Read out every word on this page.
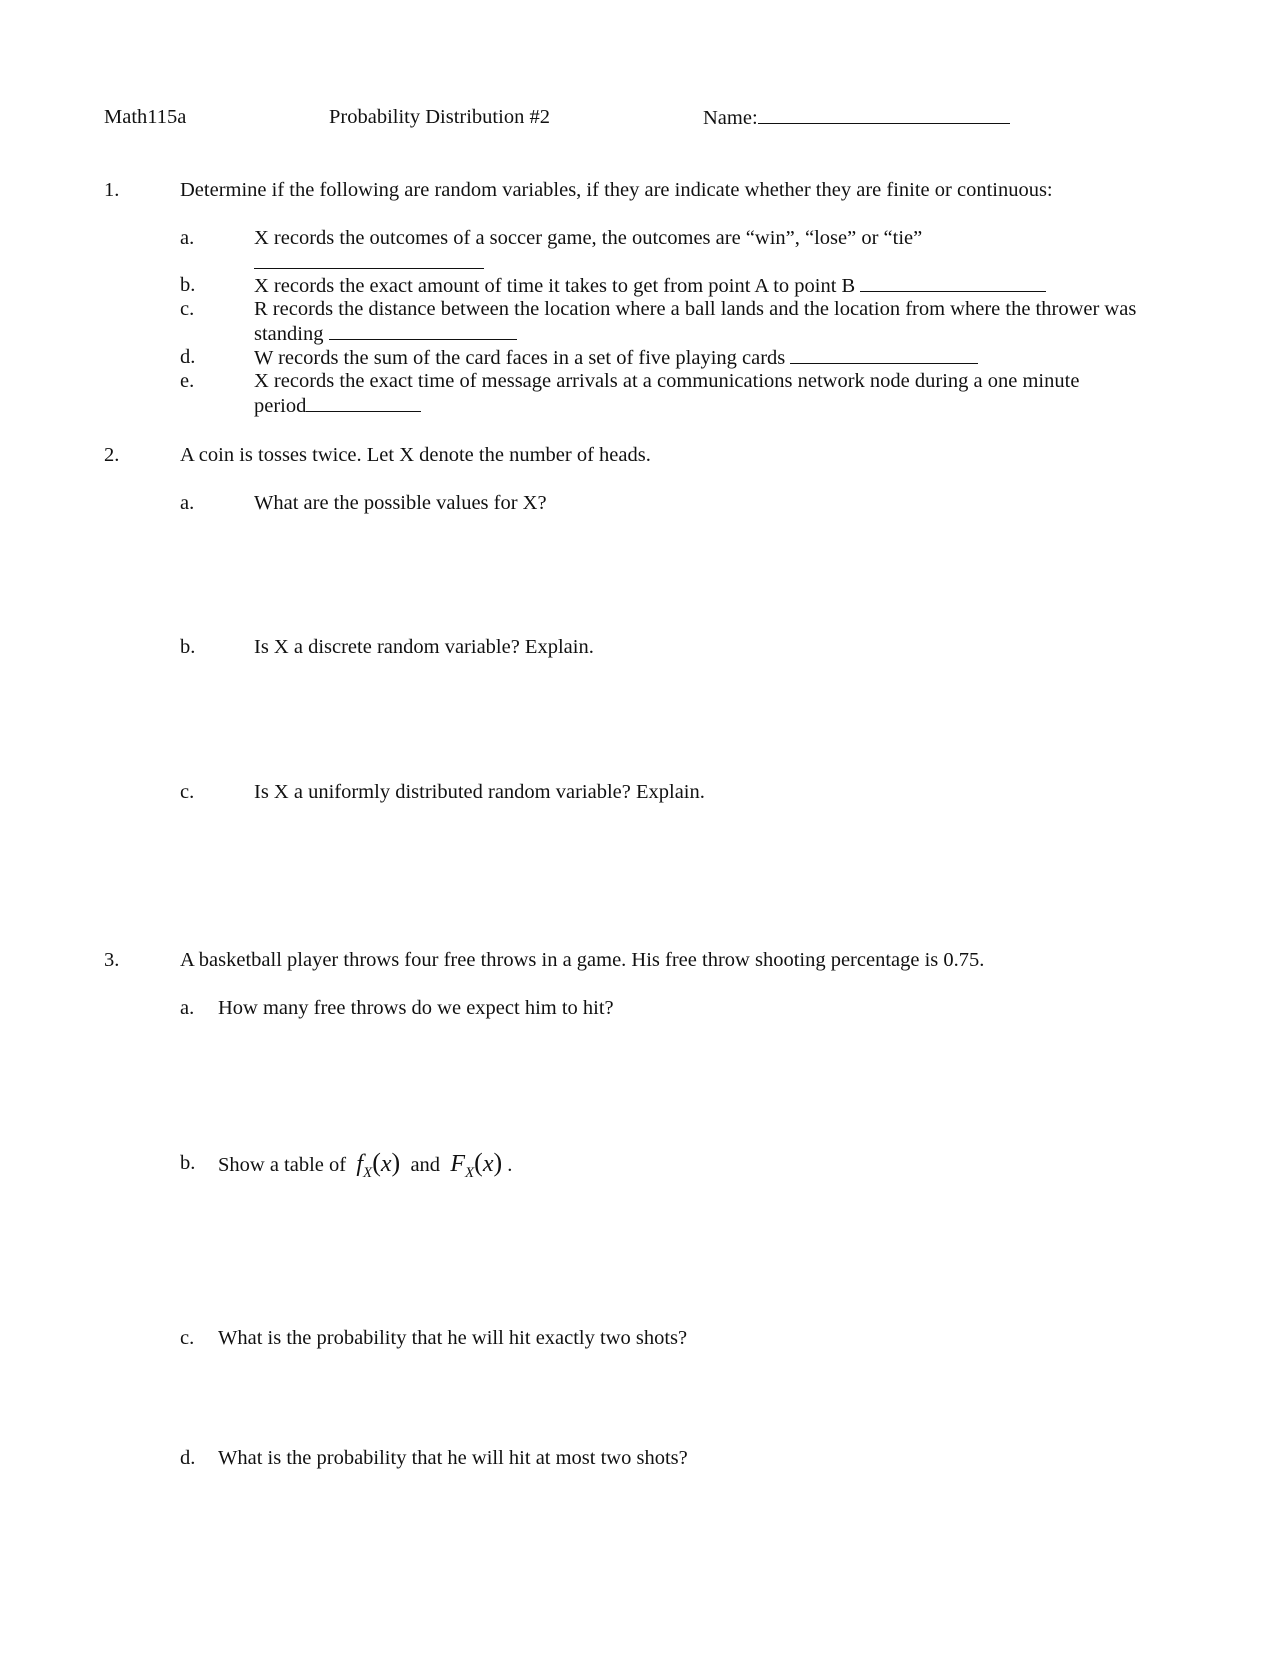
Math115a	Probability Distribution #2	Name:
1.	Determine if the following are random variables, if they are indicate whether they are finite or continuous:
a.	X records the outcomes of a soccer game, the outcomes are “win”, “lose” or “tie”
b.	X records the exact amount of time it takes to get from point A to point B
c.	R records the distance between the location where a ball lands and the location from where the thrower was
standing
d.	W records the sum of the card faces in a set of five playing cards
e.	X records the exact time of message arrivals at a communications network node during a one minute
period
2.	A coin is tosses twice. Let X denote the number of heads.
a.	What are the possible values for X?
b.	Is X a discrete random variable? Explain.
c.	Is X a uniformly distributed random variable? Explain.
3.	A basketball player throws four free throws in a game. His free throw shooting percentage is 0.75.
a. How many free throws do we expect him to hit?
b. Show a table of $f_X(x)$ and $F_X(x)$ .
c. What is the probability that he will hit exactly two shots?
d. What is the probability that he will hit at most two shots?
